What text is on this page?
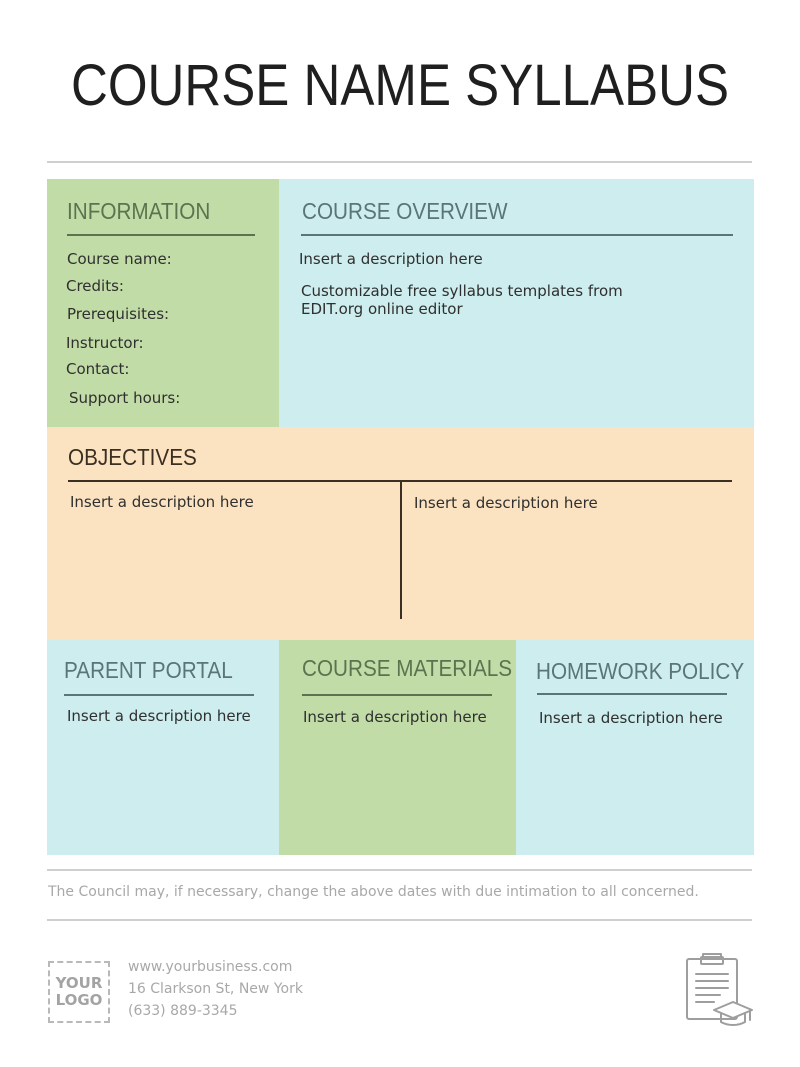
COURSE NAME SYLLABUS
INFORMATION
Course name:
Credits:
Prerequisites:
Instructor:
Contact:
Support hours:
COURSE OVERVIEW
Insert a description here
Customizable free syllabus templates from
EDIT.org online editor
OBJECTIVES
Insert a description here	Insert a description here
PARENT PORTAL
Insert a description here
COURSE MATERIALS
Insert a description here
HOMEWORK POLICY
Insert a description here
The Council may, if necessary, change the above dates with due intimation to all concerned.
YOUR
LOGO
www.yourbusiness.com
16 Clarkson St, New York
(633) 889-3345
